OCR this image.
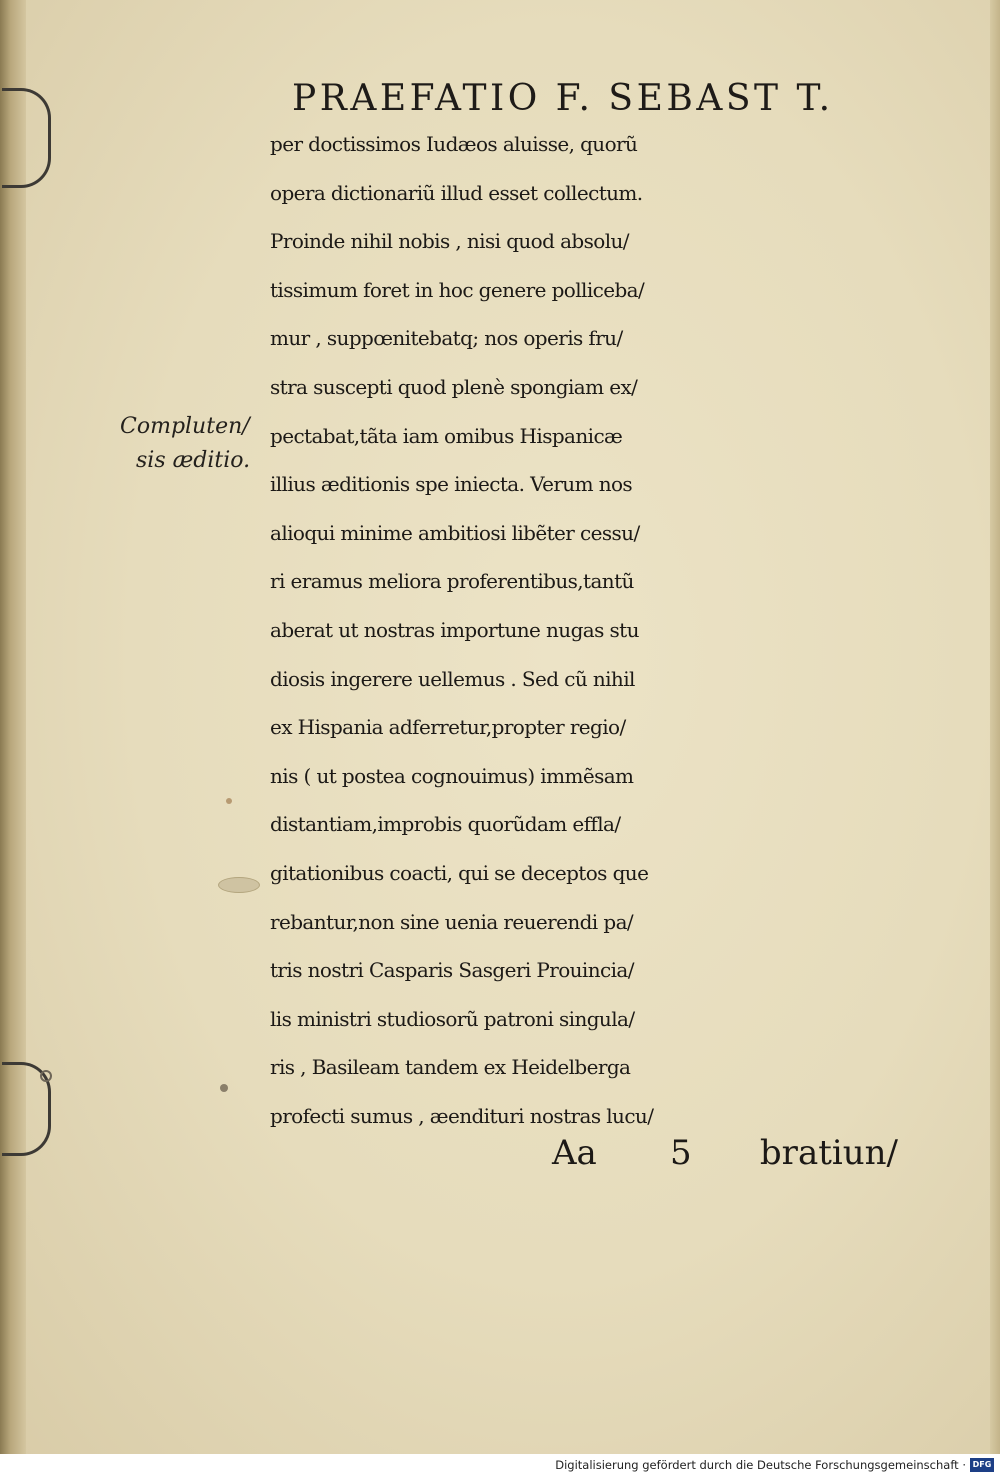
PRAEFATIO F. SEBAST T.
Compluten/
sis æditio.
per doctissimos Iudæos aluisse, quorũ
opera dictionariũ illud esset collectum.
Proinde nihil nobis , nisi quod absolu/
tissimum foret in hoc genere polliceba/
mur , suppœnitebatq; nos operis fru/
stra suscepti quod plenè spongiam ex/
pectabat,tãta iam omibus Hispanicæ
illius æditionis spe iniecta. Verum nos
alioqui minime ambitiosi libẽter cessu/
ri eramus meliora proferentibus,tantũ
aberat ut nostras importune nugas stu
diosis ingerere uellemus . Sed cũ nihil
ex Hispania adferretur,propter regio/
nis ( ut postea cognouimus) immẽsam
distantiam,improbis quorũdam effla/
gitationibus coacti, qui se deceptos que
rebantur,non sine uenia reuerendi pa/
tris nostri Casparis Sasgeri Prouincia/
lis ministri studiosorũ patroni singula/
ris , Basileam tandem ex Heidelberga
profecti sumus , æendituri nostras lucu/
Aa 5 bratiun/
Digitalisierung gefördert durch die Deutsche Forschungsgemeinschaft · DFG
